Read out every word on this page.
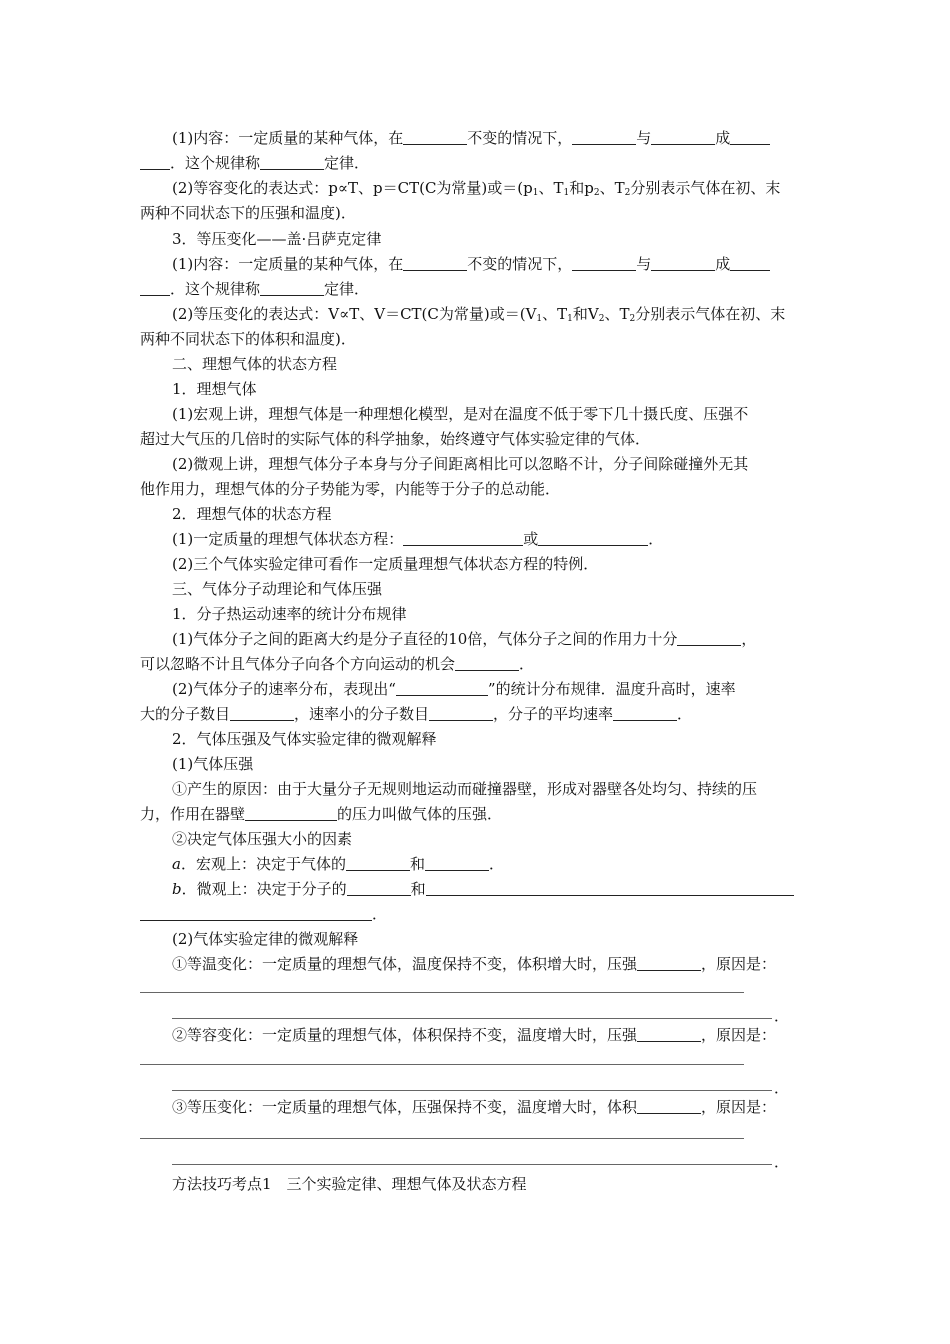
(1)内容：一定质量的某种气体，在	不变的情况下，	与	成
．这个规律称	定律．
(2)等容变化的表达式：p∝T、p＝CT(C为常量)或$=(p_1$、$T_1$和$p_2$、$T_2$分别表示气体在初、末
两种不同状态下的压强和温度)．
3．等压变化——盖·吕萨克定律
(1)内容：一定质量的某种气体，在	不变的情况下，	与	成
．这个规律称	定律．
(2)等压变化的表达式：V∝T、V＝CT(C为常量)或$=(V_1$、$T_1$和$V_2$、$T_2$分别表示气体在初、末
两种不同状态下的体积和温度)．
二、理想气体的状态方程
1．理想气体
(1)宏观上讲，理想气体是一种理想化模型，是对在温度不低于零下几十摄氏度、压强不
超过大气压的几倍时的实际气体的科学抽象，始终遵守气体实验定律的气体．
(2)微观上讲，理想气体分子本身与分子间距离相比可以忽略不计，分子间除碰撞外无其
他作用力，理想气体的分子势能为零，内能等于分子的总动能．
2．理想气体的状态方程
(1)一定质量的理想气体状态方程：	或	．
(2)三个气体实验定律可看作一定质量理想气体状态方程的特例．
三、气体分子动理论和气体压强
1．分子热运动速率的统计分布规律
(1)气体分子之间的距离大约是分子直径的10倍，气体分子之间的作用力十分	，
可以忽略不计且气体分子向各个方向运动的机会	．
(2)气体分子的速率分布，表现出“	”的统计分布规律．温度升高时，速率
大的分子数目	，速率小的分子数目	，分子的平均速率	．
2．气体压强及气体实验定律的微观解释
(1)气体压强
①产生的原因：由于大量分子无规则地运动而碰撞器壁，形成对器壁各处均匀、持续的压
力，作用在器壁	的压力叫做气体的压强．
②决定气体压强大小的因素
a．宏观上：决定于气体的	和	．
b．微观上：决定于分子的	和
．
(2)气体实验定律的微观解释
①等温变化：一定质量的理想气体，温度保持不变，体积增大时，压强	，原因是：
．
②等容变化：一定质量的理想气体，体积保持不变，温度增大时，压强	，原因是：
．
③等压变化：一定质量的理想气体，压强保持不变，温度增大时，体积	，原因是：
．
方法技巧考点1　三个实验定律、理想气体及状态方程
